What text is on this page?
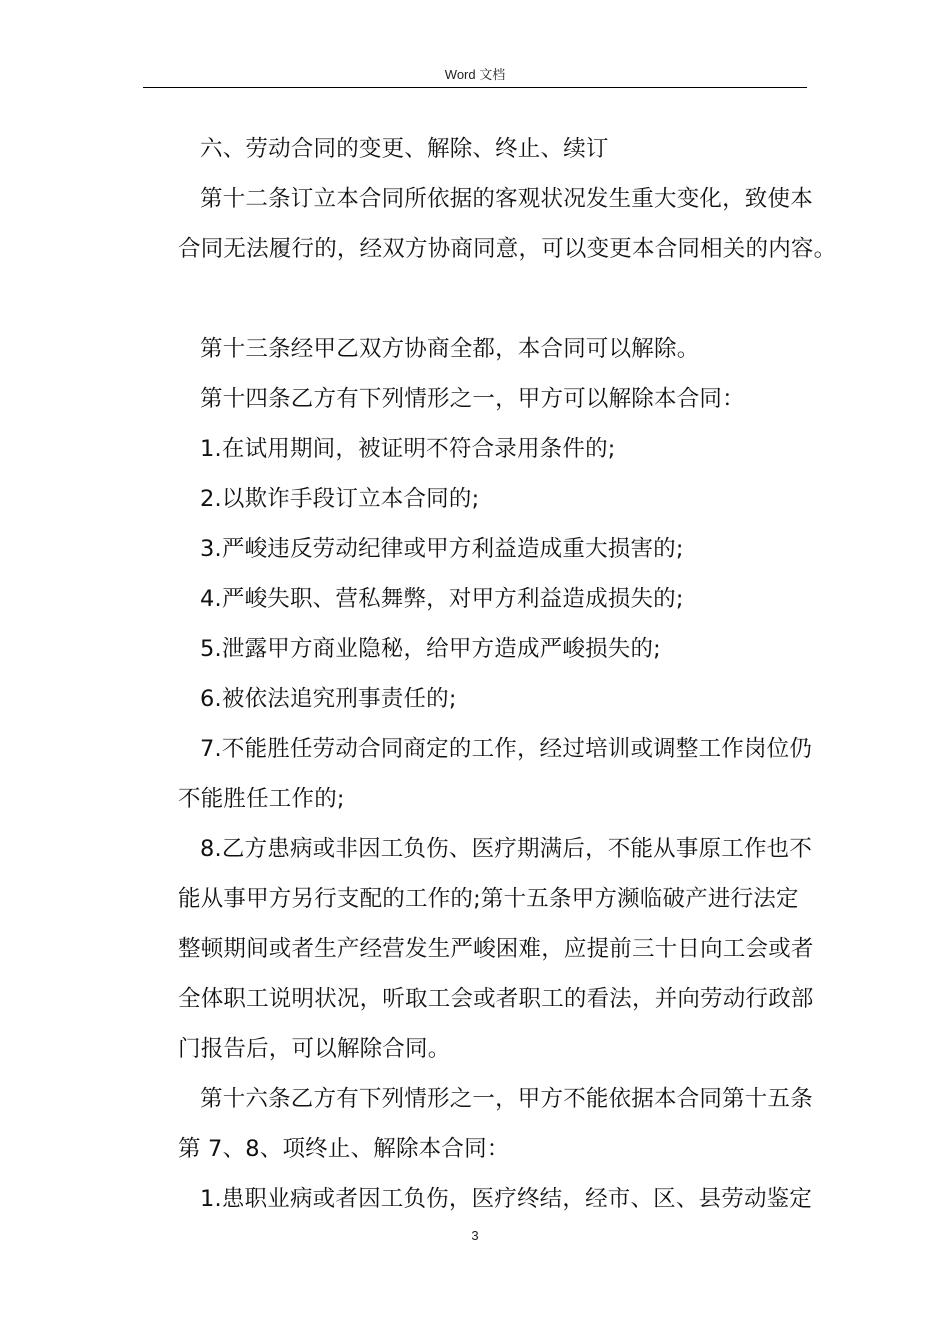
Word 文档
六、劳动合同的变更、解除、终止、续订
第十二条订立本合同所依据的客观状况发生重大变化，致使本
合同无法履行的，经双方协商同意，可以变更本合同相关的内容。
第十三条经甲乙双方协商全都，本合同可以解除。
第十四条乙方有下列情形之一，甲方可以解除本合同：
1.在试用期间，被证明不符合录用条件的;
2.以欺诈手段订立本合同的;
3.严峻违反劳动纪律或甲方利益造成重大损害的;
4.严峻失职、营私舞弊，对甲方利益造成损失的;
5.泄露甲方商业隐秘，给甲方造成严峻损失的;
6.被依法追究刑事责任的;
7.不能胜任劳动合同商定的工作，经过培训或调整工作岗位仍
不能胜任工作的;
8.乙方患病或非因工负伤、医疗期满后，不能从事原工作也不
能从事甲方另行支配的工作的;第十五条甲方濒临破产进行法定
整顿期间或者生产经营发生严峻困难，应提前三十日向工会或者
全体职工说明状况，听取工会或者职工的看法，并向劳动行政部
门报告后，可以解除合同。
第十六条乙方有下列情形之一，甲方不能依据本合同第十五条
第 7、8、项终止、解除本合同：
1.患职业病或者因工负伤，医疗终结，经市、区、县劳动鉴定
3
